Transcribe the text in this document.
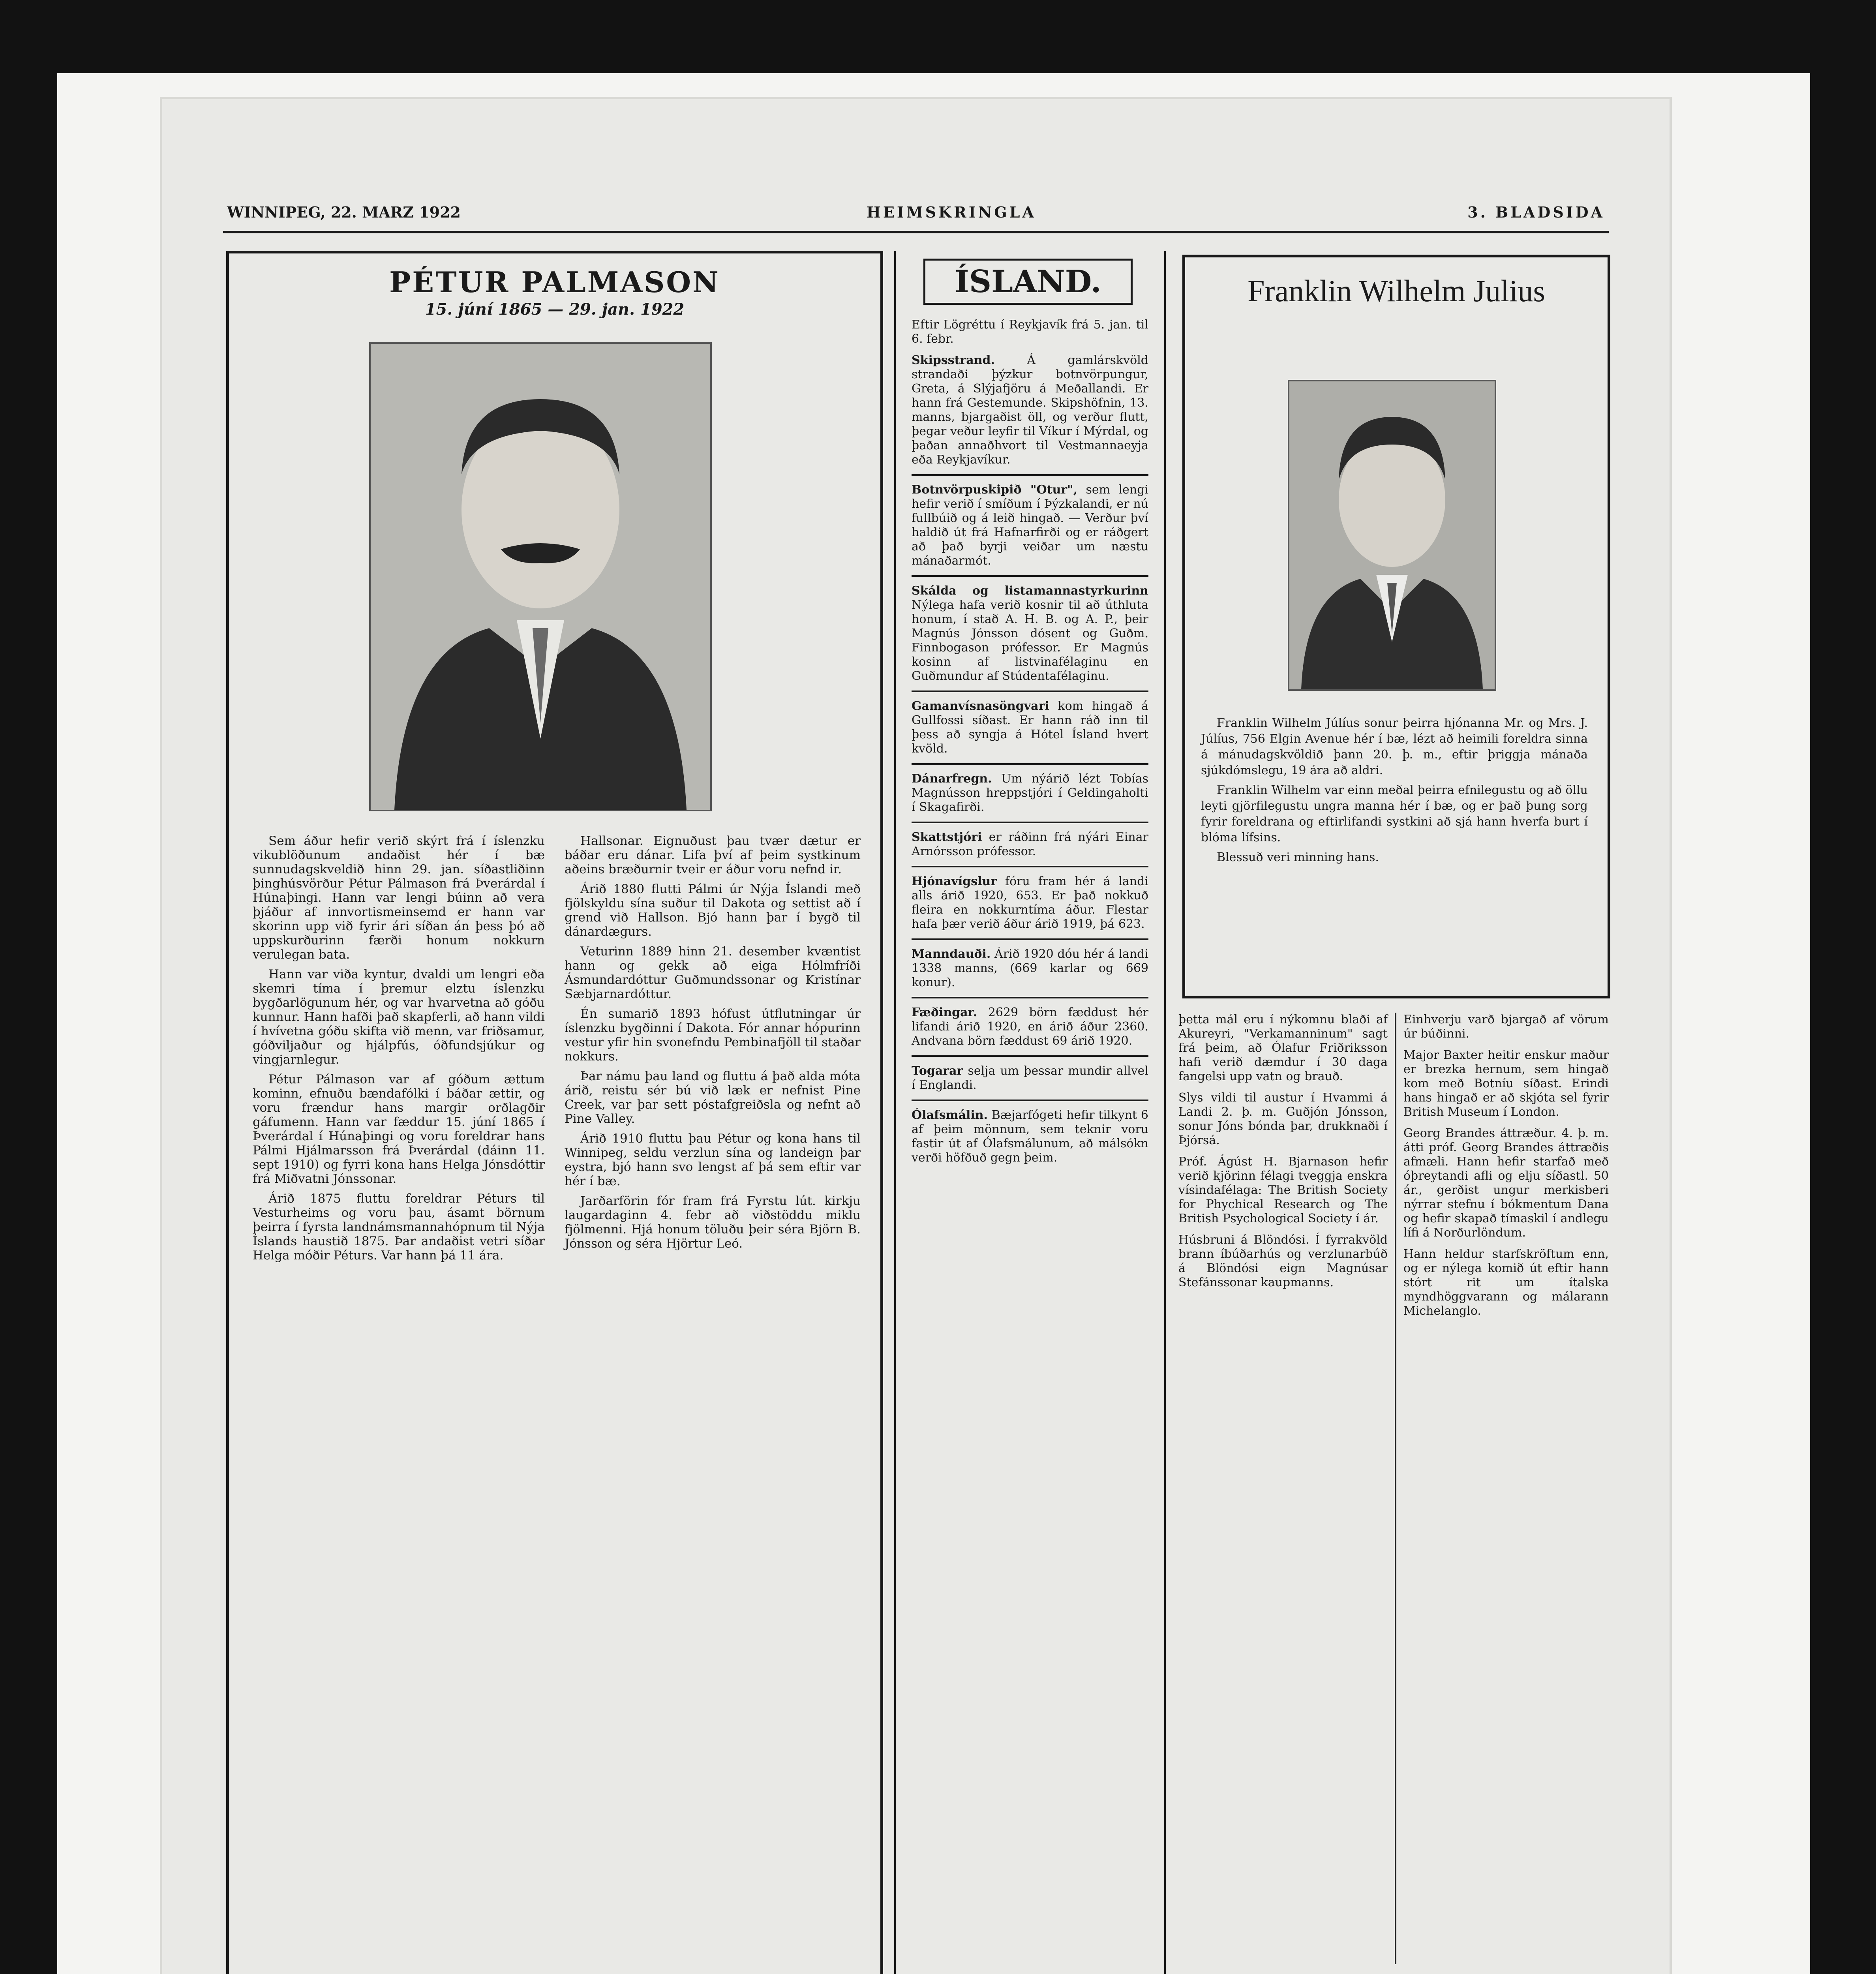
WINNIPEG, 22. MARZ 1922	HEIMSKRINGLA	3. BLADSIDA
PÉTUR PALMASON
15. júní 1865 — 29. jan. 1922

Sem áður hefir verið skýrt frá í íslenzku vikublöðunum andaðist hér í bæ sunnudagskveldið hinn 29. jan. síðastliðinn þinghúsvörður Pétur Pálmason frá Þverárdal í Húnaþingi. Hann var lengi búinn að vera þjáður af innvortismeinsemd er hann var skorinn upp við fyrir ári síðan án þess þó að uppskurðurinn færði honum nokkurn verulegan bata.

Hann var viða kyntur, dvaldi um lengri eða skemri tíma í þremur elztu íslenzku bygðarlögunum hér, og var hvarvetna að góðu kunnur. Hann hafði það skapferli, að hann vildi í hvívetna góðu skifta við menn, var friðsamur, góðviljaður og hjálpfús, óðfundsjúkur og vingjarnlegur.

Pétur Pálmason var af góðum ættum kominn, efnuðu bændafólki í báðar ættir, og voru frændur hans margir orðlagðir gáfumenn. Hann var fæddur 15. júní 1865 í Þverárdal í Húnaþingi og voru foreldrar hans Pálmi Hjálmarsson frá Þverárdal (dáinn 11. sept 1910) og fyrri kona hans Helga Jónsdóttir frá Miðvatni Jónssonar.

Árið 1875 fluttu foreldrar Péturs til Vesturheims og voru þau, ásamt börnum þeirra í fyrsta landnámsmannahópnum til Nýja Íslands haustið 1875. Þar andaðist vetri síðar Helga móðir Péturs. Var hann þá 11 ára.

Hallsonar. Eignuðust þau tvær dætur er báðar eru dánar. Lifa því af þeim systkinum aðeins bræðurnir tveir er áður voru nefnd ir.

Árið 1880 flutti Pálmi úr Nýja Íslandi með fjölskyldu sína suður til Dakota og settist að í grend við Hallson. Bjó hann þar í bygð til dánardægurs.

Veturinn 1889 hinn 21. desember kvæntist hann og gekk að eiga Hólmfríði Ásmundardóttur Guðmundssonar og Kristínar Sæbjarnardóttur.

Én sumarið 1893 hófust útflutningar úr íslenzku bygðinni í Dakota. Fór annar hópurinn vestur yfir hin svonefndu Pembinafjöll til staðar nokkurs.

Þar námu þau land og fluttu á það alda móta árið, reistu sér bú við læk er nefnist Pine Creek, var þar sett póstafgreiðsla og nefnt að Pine Valley.

Árið 1910 fluttu þau Pétur og kona hans til Winnipeg, seldu verzlun sína og landeign þar eystra, bjó hann svo lengst af þá sem eftir var hér í bæ.

Jarðarförin fór fram frá Fyrstu lút. kirkju laugardaginn 4. febr að viðstöddu miklu fjölmenni. Hjá honum töluðu þeir séra Björn B. Jónsson og séra Hjörtur Leó.

ÍSLAND.

Eftir Lögréttu í Reykjavík frá 5. jan. til 6. febr.

Skipsstrand.	Á gamlárskvöld strandaði þýzkur botnvörpungur, Greta, á Slýjafjöru á Meðallandi. Er hann frá Gestemunde. Skipshöfnin, 13. manns, bjargaðist öll, og verður flutt, þegar veður leyfir til Víkur í Mýrdal, og þaðan annaðhvort til Vestmannaeyja eða Reykjavíkur.

Botnvörpuskipið "Otur", sem lengi hefir verið í smíðum í Þýzkalandi, er nú fullbúið og á leið hingað. — Verður því haldið út frá Hafnarfirði og er ráðgert að það byrji veiðar um næstu mánaðarmót.

Skálda og listamannastyrkurinn Nýlega hafa verið kosnir til að úthluta honum, í stað A. H. B. og A. P., þeir Magnús Jónsson dósent og Guðm. Finnbogason prófessor. Er Magnús kosinn af listvinafélaginu en Guðmundur af Stúdentafélaginu.

Gamanvísnasöngvari kom hingað á Gullfossi síðast. Er hann ráð inn til þess að syngja á Hótel Ísland hvert kvöld.

Dánarfregn. Um nýárið lézt Tobías Magnússon hreppstjóri í Geldingaholti í Skagafirði.

Skattstjóri er ráðinn frá nýári Einar Arnórsson prófessor.

Hjónavígslur fóru fram hér á landi alls árið 1920, 653. Er það nokkuð fleira en nokkurntíma áður. Flestar hafa þær verið áður árið 1919, þá 623.

Manndauði. Árið 1920 dóu hér á landi 1338 manns, (669 karlar og 669 konur).

Fæðingar. 2629 börn fæddust hér lifandi árið 1920, en árið áður 2360. Andvana börn fæddust 69 árið 1920.

Togarar selja um þessar mundir allvel í Englandi.

Ólafsmálin. Bæjarfógeti hefir tilkynt 6 af þeim mönnum, sem teknir voru fastir út af Ólafsmálunum, að málsókn verði höfðuð gegn þeim.

Franklin Wilhelm Julius

Franklin Wilhelm Júlíus sonur þeirra hjónanna Mr. og Mrs. J. Júlíus, 756 Elgin Avenue hér í bæ, lézt að heimili foreldra sinna á mánudagskvöldið þann 20. þ. m., eftir þriggja mánaða sjúkdómslegu, 19 ára að aldri.

Franklin Wilhelm var einn meðal þeirra efnilegustu og að öllu leyti gjörfilegustu ungra manna hér í bæ, og er það þung sorg fyrir foreldrana og eftirlifandi systkini að sjá hann hverfa burt í blóma lífsins.

Blessuð veri minning hans.

þetta mál eru í nýkomnu blaði af Akureyri, "Verkamanninum" sagt frá þeim, að Ólafur Friðriksson hafi verið dæmdur í 30 daga fangelsi upp vatn og brauð.

Slys vildi til austur í Hvammi á Landi 2. þ. m. Guðjón Jónsson, sonur Jóns bónda þar, drukknaði í Þjórsá.

Próf. Ágúst H. Bjarnason hefir verið kjörinn félagi tveggja enskra vísindafélaga: The British Society for Phychical Research og The British Psychological Society í ár.

Húsbruni á Blöndósi. Í fyrrakvöld brann íbúðarhús og verzlunarbúð á Blöndósi eign Magnúsar Stefánssonar kaupmanns.

Einhverju varð bjargað af vörum úr búðinni.

Major Baxter heitir enskur maður er brezka hernum, sem hingað kom með Botníu síðast. Erindi hans hingað er að skjóta sel fyrir British Museum í London.

Georg Brandes áttræður. 4. þ. m. átti próf. Georg Brandes áttræðis afmæli. Hann hefir starfað með óþreytandi afli og elju síðastl. 50 ár., gerðist ungur merkisberi nýrrar stefnu í bókmentum Dana og hefir skapað tímaskil í andlegu lífi á Norðurlöndum.

Hann heldur starfskröftum enn, og er nýlega komið út eftir hann stórt rit um ítalska myndhöggvarann og málarann Michelanglo.
